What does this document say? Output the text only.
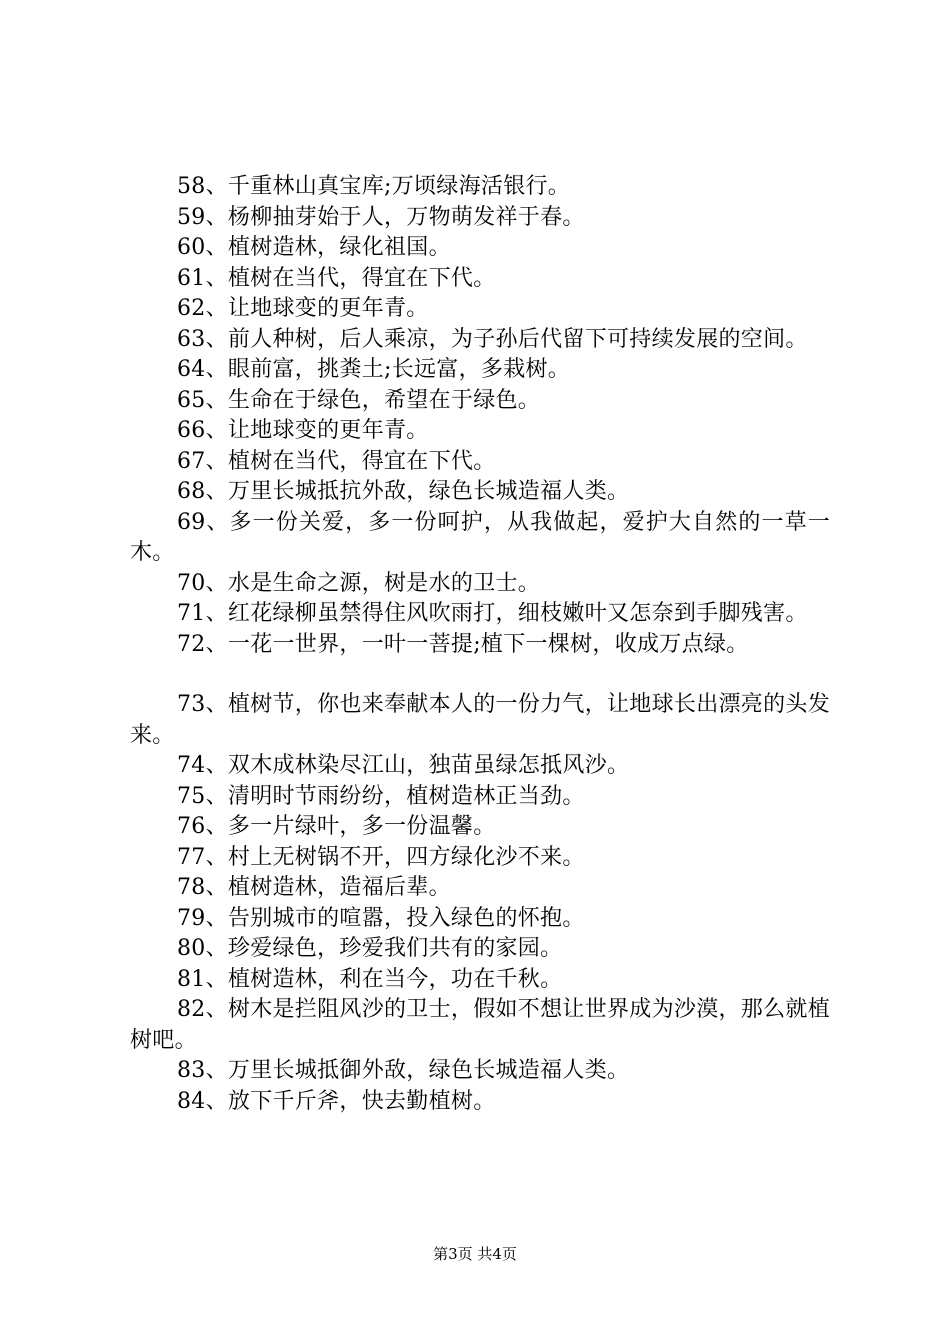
58、千重林山真宝库;万顷绿海活银行。

59、杨柳抽芽始于人，万物萌发祥于春。

60、植树造林，绿化祖国。

61、植树在当代，得宜在下代。

62、让地球变的更年青。

63、前人种树，后人乘凉，为子孙后代留下可持续发展的空间。

64、眼前富，挑粪土;长远富，多栽树。

65、生命在于绿色，希望在于绿色。

66、让地球变的更年青。

67、植树在当代，得宜在下代。

68、万里长城抵抗外敌，绿色长城造福人类。

69、多一份关爱，多一份呵护，从我做起，爱护大自然的一草一木。

70、水是生命之源，树是水的卫士。

71、红花绿柳虽禁得住风吹雨打，细枝嫩叶又怎奈到手脚残害。

72、一花一世界，一叶一菩提;植下一棵树，收成万点绿。

73、植树节，你也来奉献本人的一份力气，让地球长出漂亮的头发来。

74、双木成林染尽江山，独苗虽绿怎抵风沙。

75、清明时节雨纷纷，植树造林正当劲。

76、多一片绿叶，多一份温馨。

77、村上无树锅不开，四方绿化沙不来。

78、植树造林，造福后辈。

79、告别城市的喧嚣，投入绿色的怀抱。

80、珍爱绿色，珍爱我们共有的家园。

81、植树造林，利在当今，功在千秋。

82、树木是拦阻风沙的卫士，假如不想让世界成为沙漠，那么就植树吧。

83、万里长城抵御外敌，绿色长城造福人类。

84、放下千斤斧，快去勤植树。

第3页 共4页
